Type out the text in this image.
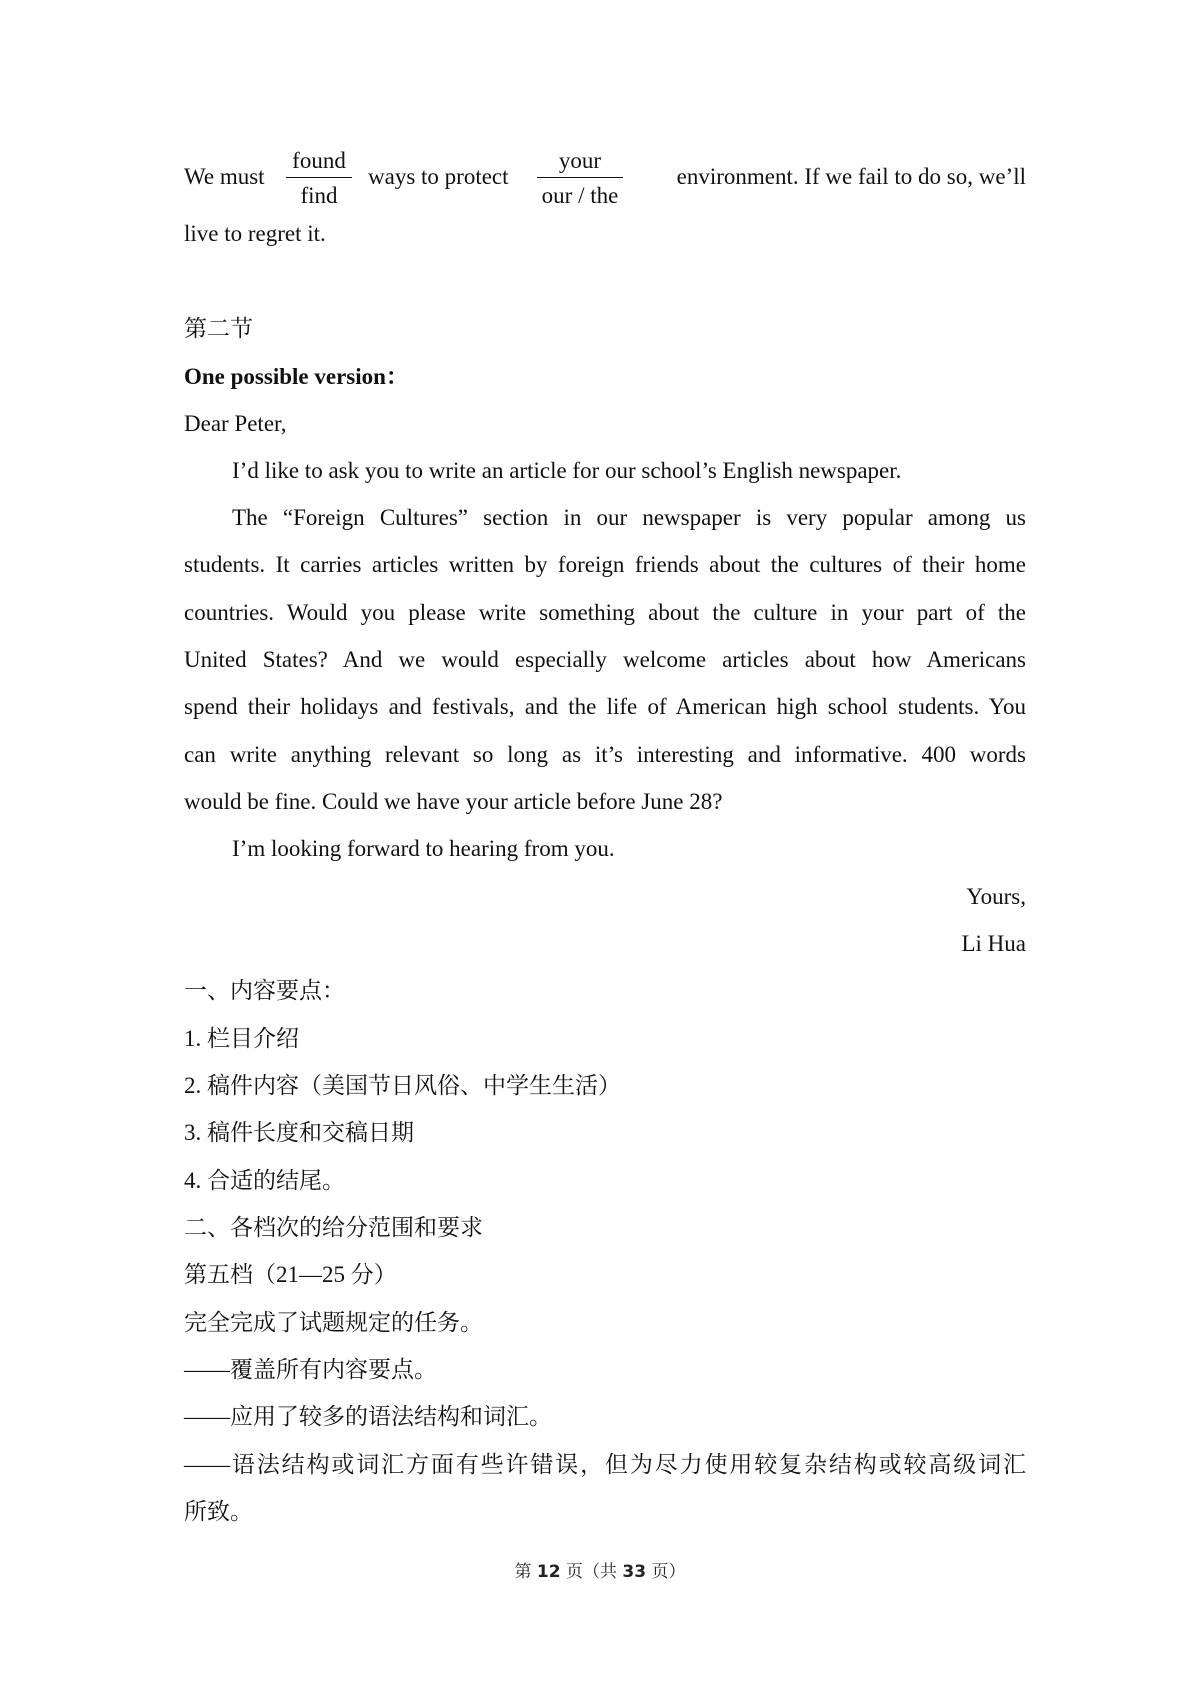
We must
found
find
ways to protect
your
our / the
environment. If we fail to do so, we’ll
live to regret it.
第二节
One possible version：
Dear Peter,
I’d like to ask you to write an article for our school’s English newspaper.
The “Foreign Cultures” section in our newspaper is very popular among us
students. It carries articles written by foreign friends about the cultures of their home
countries. Would you please write something about the culture in your part of the
United States? And we would especially welcome articles about how Americans
spend their holidays and festivals, and the life of American high school students. You
can write anything relevant so long as it’s interesting and informative. 400 words
would be fine. Could we have your article before June 28?
I’m looking forward to hearing from you.
Yours,
Li Hua
一、内容要点：
1. 栏目介绍
2. 稿件内容（美国节日风俗、中学生生活）
3. 稿件长度和交稿日期
4. 合适的结尾。
二、各档次的给分范围和要求
第五档（21—25 分）
完全完成了试题规定的任务。
——覆盖所有内容要点。
——应用了较多的语法结构和词汇。
——语法结构或词汇方面有些许错误，但为尽力使用较复杂结构或较高级词汇
所致。
第 12 页（共 33 页）
